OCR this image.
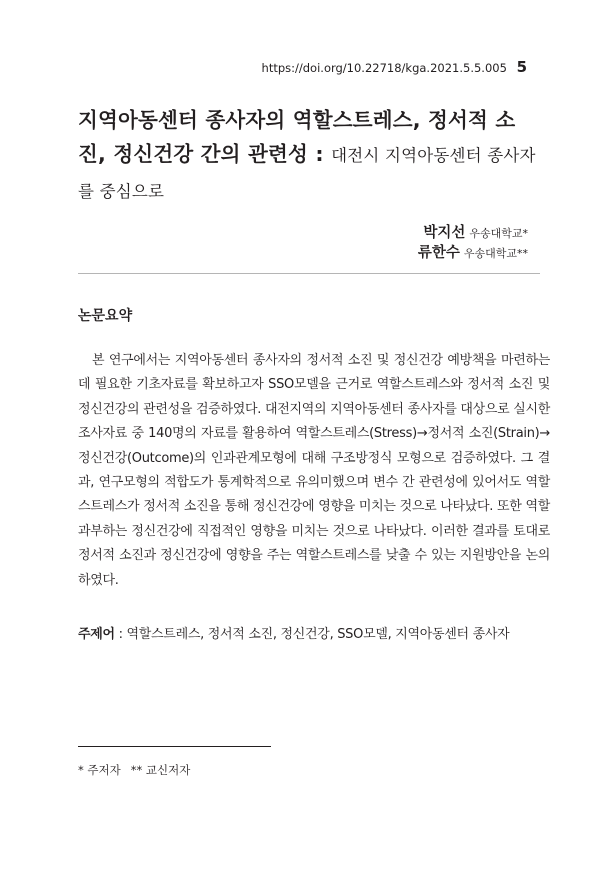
https://doi.org/10.22718/kga.2021.5.5.005 5
지역아동센터 종사자의 역할스트레스, 정서적 소진, 정신건강 간의 관련성 : 대전시 지역아동센터 종사자를 중심으로
박지선 우송대학교*
류한수 우송대학교**
논문요약

본 연구에서는 지역아동센터 종사자의 정서적 소진 및 정신건강 예방책을 마련하는데 필요한 기초자료를 확보하고자 SSO모델을 근거로 역할스트레스와 정서적 소진 및 정신건강의 관련성을 검증하였다. 대전지역의 지역아동센터 종사자를 대상으로 실시한 조사자료 중 140명의 자료를 활용하여 역할스트레스(Stress)→정서적 소진(Strain)→정신건강(Outcome)의 인과관계모형에 대해 구조방정식 모형으로 검증하였다. 그 결과, 연구모형의 적합도가 통계학적으로 유의미했으며 변수 간 관련성에 있어서도 역할스트레스가 정서적 소진을 통해 정신건강에 영향을 미치는 것으로 나타났다. 또한 역할과부하는 정신건강에 직접적인 영향을 미치는 것으로 나타났다. 이러한 결과를 토대로 정서적 소진과 정신건강에 영향을 주는 역할스트레스를 낮출 수 있는 지원방안을 논의하였다.

주제어 : 역할스트레스, 정서적 소진, 정신건강, SSO모델, 지역아동센터 종사자
* 주저자 ** 교신저자
